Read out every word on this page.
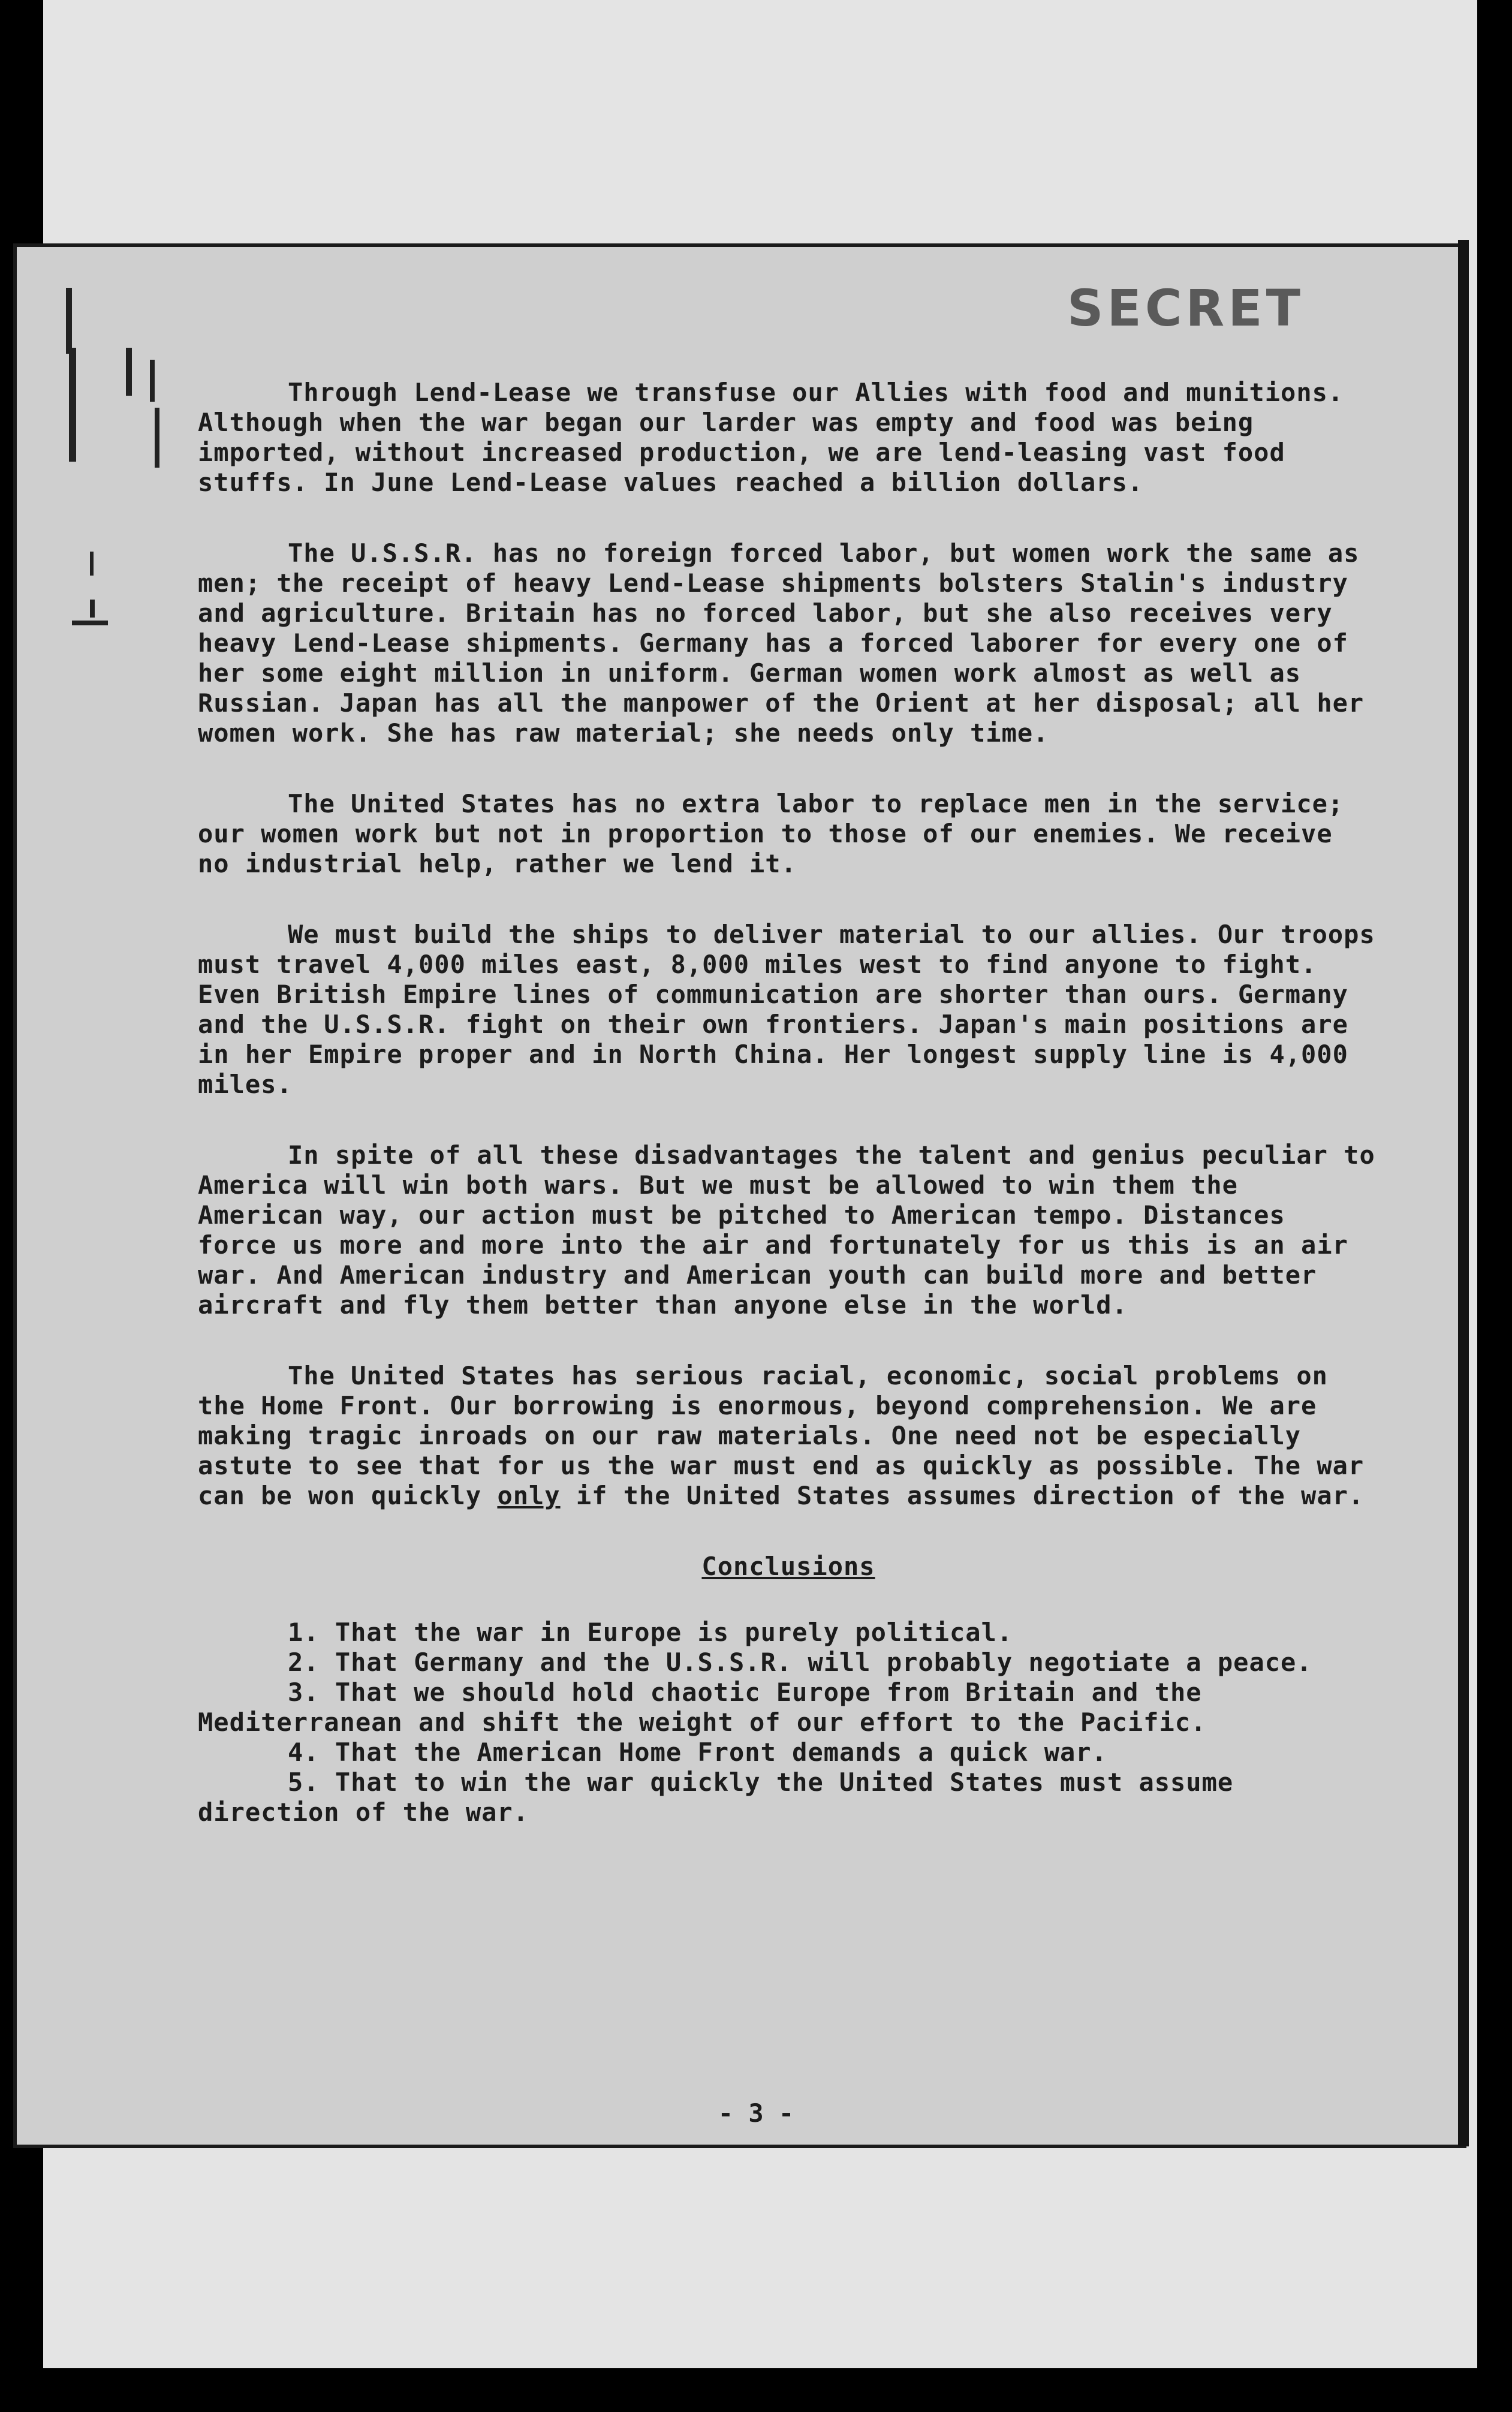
SECRET

Through Lend-Lease we transfuse our Allies with food and munitions. Although when the war began our larder was empty and food was being imported, without increased production, we are lend-leasing vast food stuffs. In June Lend-Lease values reached a billion dollars.

The U.S.S.R. has no foreign forced labor, but women work the same as men; the receipt of heavy Lend-Lease shipments bolsters Stalin's industry and agriculture. Britain has no forced labor, but she also receives very heavy Lend-Lease shipments. Germany has a forced laborer for every one of her some eight million in uniform. German women work almost as well as Russian. Japan has all the manpower of the Orient at her disposal; all her women work. She has raw material; she needs only time.

The United States has no extra labor to replace men in the service; our women work but not in proportion to those of our enemies. We receive no industrial help, rather we lend it.

We must build the ships to deliver material to our allies. Our troops must travel 4,000 miles east, 8,000 miles west to find anyone to fight. Even British Empire lines of communication are shorter than ours. Germany and the U.S.S.R. fight on their own frontiers. Japan's main positions are in her Empire proper and in North China. Her longest supply line is 4,000 miles.

In spite of all these disadvantages the talent and genius peculiar to America will win both wars. But we must be allowed to win them the American way, our action must be pitched to American tempo. Distances force us more and more into the air and fortunately for us this is an air war. And American industry and American youth can build more and better aircraft and fly them better than anyone else in the world.

The United States has serious racial, economic, social problems on the Home Front. Our borrowing is enormous, beyond comprehension. We are making tragic inroads on our raw materials. One need not be especially astute to see that for us the war must end as quickly as possible. The war can be won quickly only if the United States assumes direction of the war.

Conclusions
1. That the war in Europe is purely political.
2. That Germany and the U.S.S.R. will probably negotiate a peace.
3. That we should hold chaotic Europe from Britain and the Mediterranean and shift the weight of our effort to the Pacific.
4. That the American Home Front demands a quick war.
5. That to win the war quickly the United States must assume direction of the war.
- 3 -
